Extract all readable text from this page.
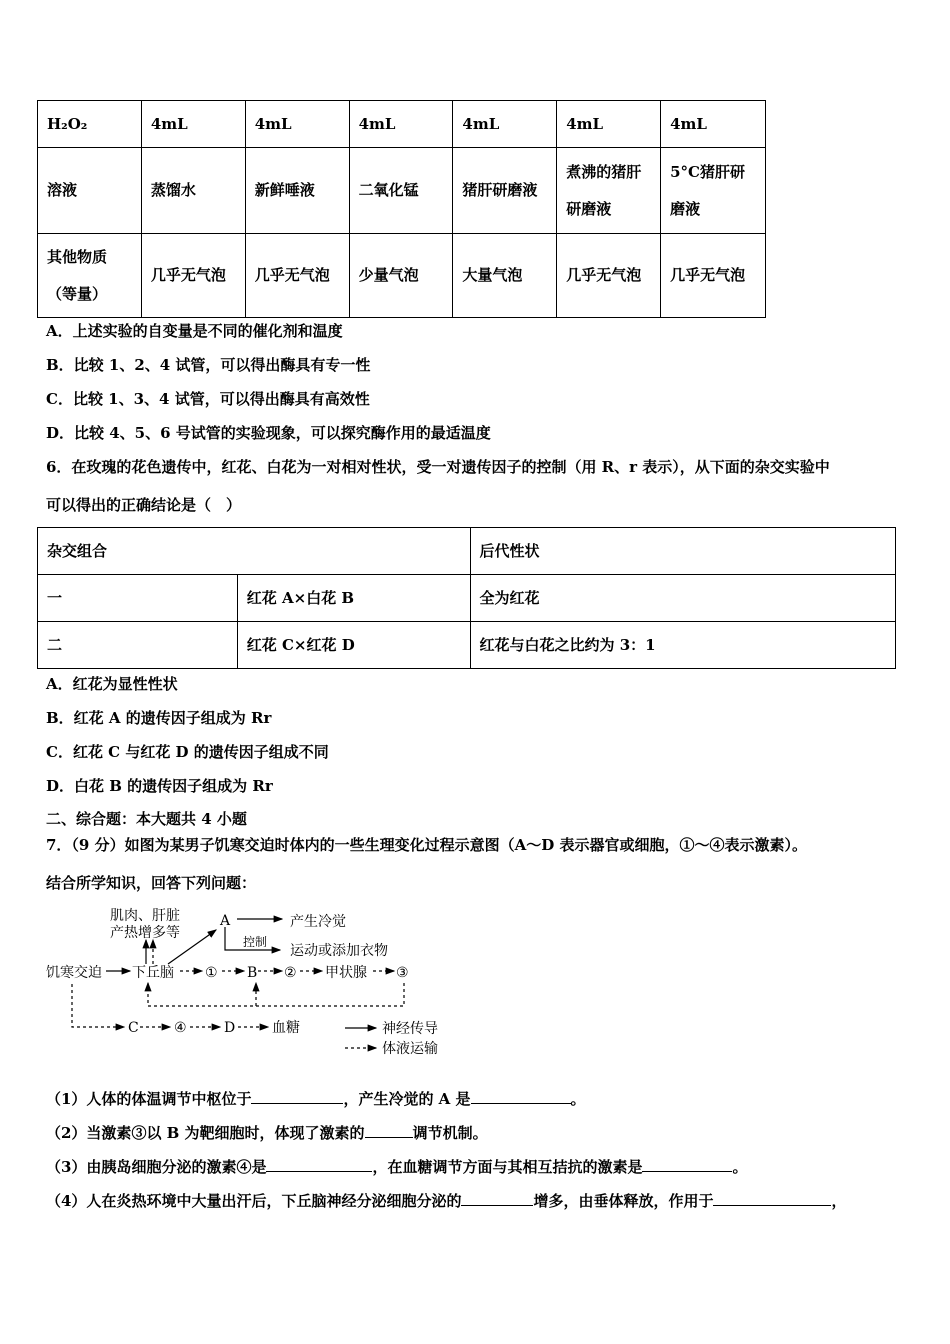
H₂O₂	4mL	4mL	4mL	4mL	4mL	4mL
溶液	蒸馏水	新鲜唾液	二氧化锰	猪肝研磨液	煮沸的猪肝研磨液	5°C猪肝研磨液
其他物质（等量）	几乎无气泡	几乎无气泡	少量气泡	大量气泡	几乎无气泡	几乎无气泡
A．上述实验的自变量是不同的催化剂和温度
B．比较 1、2、4 试管，可以得出酶具有专一性
C．比较 1、3、4 试管，可以得出酶具有高效性
D．比较 4、5、6 号试管的实验现象，可以探究酶作用的最适温度
6．在玫瑰的花色遗传中，红花、白花为一对相对性状，受一对遗传因子的控制（用 R、r 表示），从下面的杂交实验中
可以得出的正确结论是（　）
杂交组合		后代性状
一	红花 A×白花 B	全为红花
二	红花 C×红花 D	红花与白花之比约为 3：1
A．红花为显性性状
B．红花 A 的遗传因子组成为 Rr
C．红花 C 与红花 D 的遗传因子组成不同
D．白花 B 的遗传因子组成为 Rr
二、综合题：本大题共 4 小题
7．（9 分）如图为某男子饥寒交迫时体内的一些生理变化过程示意图（A～D 表示器官或细胞，①～④表示激素）。
结合所学知识，回答下列问题：
肌肉、肝脏
产热增多等
A	产生冷觉
控制
运动或添加衣物
饥寒交迫 下丘脑 ① B ② 甲状腺 ③
C	④	D	血糖	神经传导
体液运输
（1）人体的体温调节中枢位于	，产生冷觉的 A 是	。
（2）当激素③以 B 为靶细胞时，体现了激素的	调节机制。
（3）由胰岛细胞分泌的激素④是	，在血糖调节方面与其相互拮抗的激素是	。
（4）人在炎热环境中大量出汗后，下丘脑神经分泌细胞分泌的	增多，由垂体释放，作用于	，
